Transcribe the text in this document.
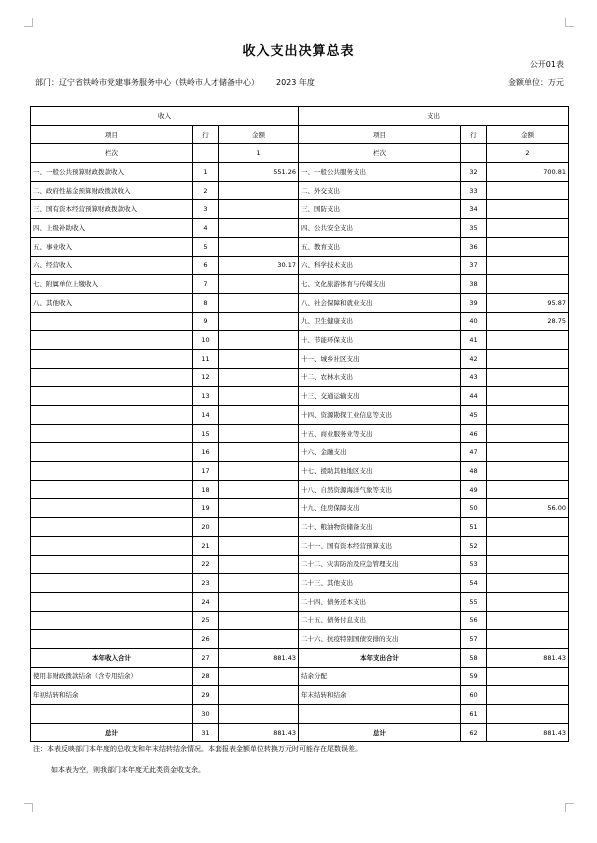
收入支出决算总表
公开01表
部门：辽宁省铁岭市党建事务服务中心（铁岭市人才储备中心）	2023 年度	金额单位：万元
收入			支出		
项目	行	金额	项目	行	金额
栏次		1	栏次		2
一、一般公共预算财政拨款收入	1	551.26	一、一般公共服务支出	32	700.81
二、政府性基金预算财政拨款收入	2		二、外交支出	33	
三、国有资本经营预算财政拨款收入	3		三、国防支出	34	
四、上级补助收入	4		四、公共安全支出	35	
五、事业收入	5		五、教育支出	36	
六、经营收入	6	30.17	六、科学技术支出	37	
七、附属单位上缴收入	7		七、文化旅游体育与传媒支出	38	
八、其他收入	8		八、社会保障和就业支出	39	95.87
	9		九、卫生健康支出	40	28.75
	10		十、节能环保支出	41	
	11		十一、城乡社区支出	42	
	12		十二、农林水支出	43	
	13		十三、交通运输支出	44	
	14		十四、资源勘探工业信息等支出	45	
	15		十五、商业服务业等支出	46	
	16		十六、金融支出	47	
	17		十七、援助其他地区支出	48	
	18		十八、自然资源海洋气象等支出	49	
	19		十九、住房保障支出	50	56.00
	20		二十、粮油物资储备支出	51	
	21		二十一、国有资本经营预算支出	52	
	22		二十二、灾害防治及应急管理支出	53	
	23		二十三、其他支出	54	
	24		二十四、债务还本支出	55	
	25		二十五、债务付息支出	56	
	26		二十六、抗疫特别国债安排的支出	57	
本年收入合计	27	881.43	本年支出合计	58	881.43
使用非财政拨款结余（含专用结余）	28		结余分配	59	
年初结转和结余	29		年末结转和结余	60	
	30			61	
总计	31	881.43	总计	62	881.43
注：本表反映部门本年度的总收支和年末结转结余情况。本套报表金额单位转换万元时可能存在尾数误差。
如本表为空，则我部门本年度无此类资金收支余。
